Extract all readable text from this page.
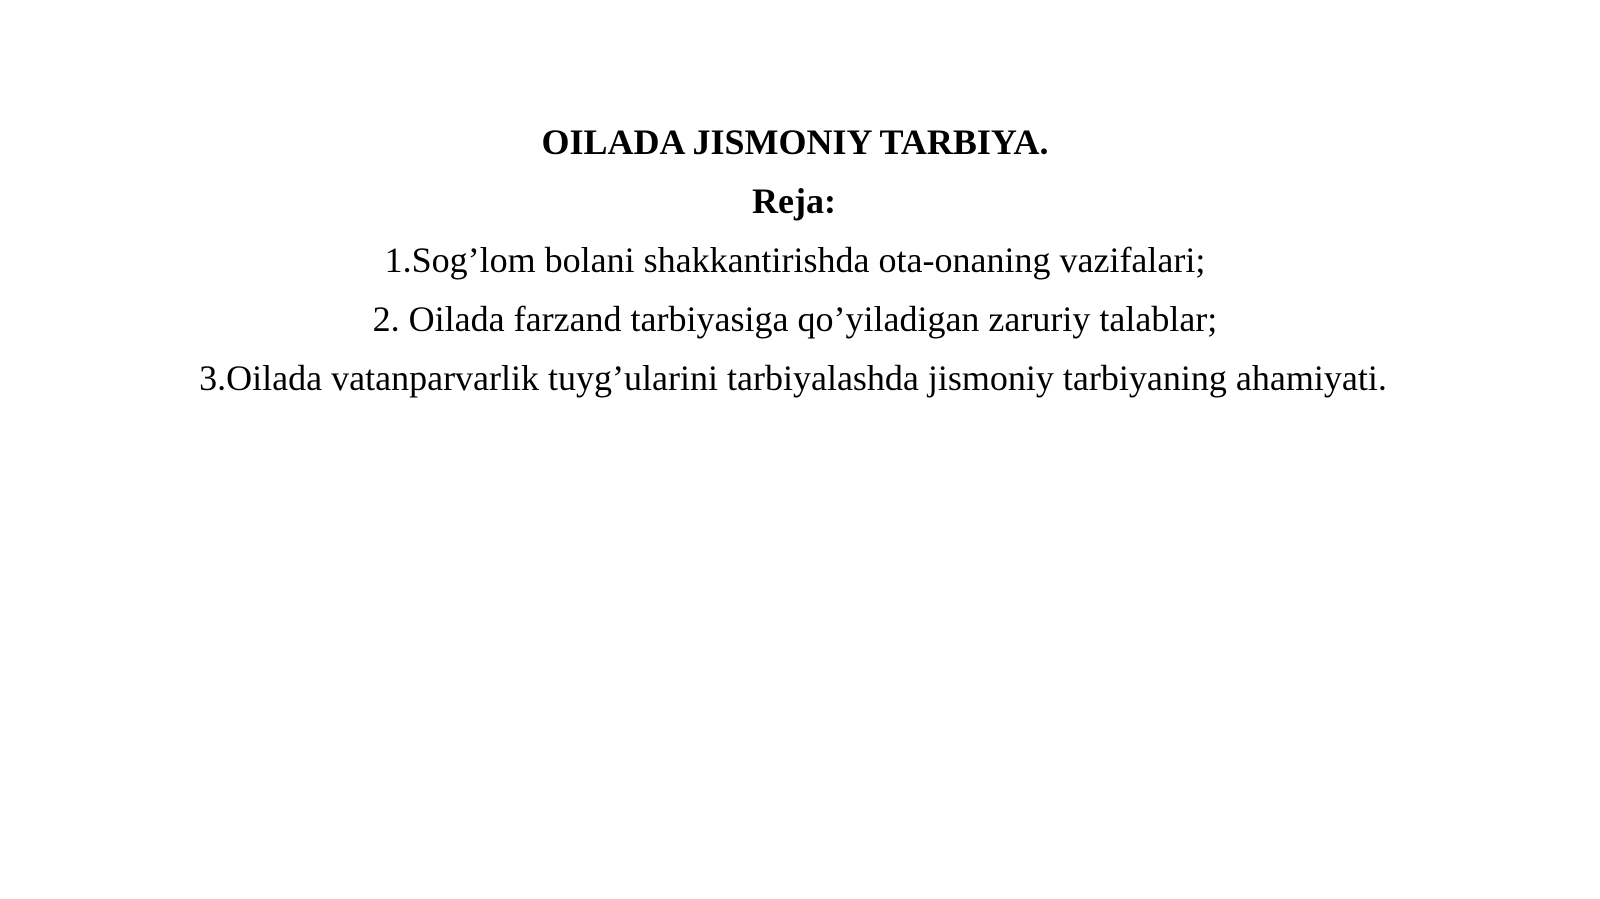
OILADA JISMONIY TARBIYA.
Reja:
1.Sog’lom bolani shakkantirishda ota-onaning vazifalari;
2. Oilada farzand tarbiyasiga qo’yiladigan zaruriy talablar;
3.Oilada vatanparvarlik tuyg’ularini tarbiyalashda jismoniy tarbiyaning ahamiyati.
